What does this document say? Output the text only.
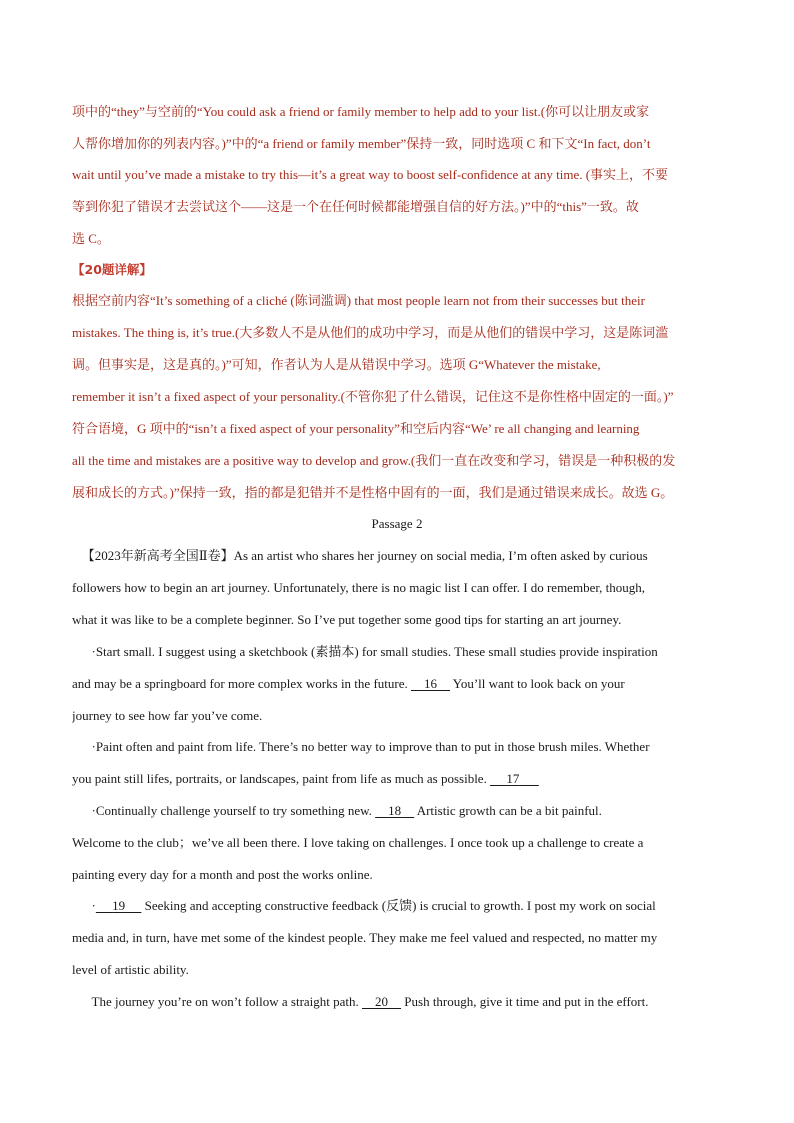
项中的“they”与空前的“You could ask a friend or family member to help add to your list.(你可以让朋友或家
人帮你增加你的列表内容。)”中的“a friend or family member”保持一致，同时选项 C 和下文“In fact, don’t
wait until you’ve made a mistake to try this—it’s a great way to boost self-confidence at any time. (事实上，不要
等到你犯了错误才去尝试这个——这是一个在任何时候都能增强自信的好方法。)”中的“this”一致。故
选 C。
【20题详解】
根据空前内容“It’s something of a cliché (陈词滥调) that most people learn not from their successes but their
mistakes. The thing is, it’s true.(大多数人不是从他们的成功中学习，而是从他们的错误中学习，这是陈词滥
调。但事实是，这是真的。)”可知，作者认为人是从错误中学习。选项 G“Whatever the mistake,
remember it isn’t a fixed aspect of your personality.(不管你犯了什么错误，记住这不是你性格中固定的一面。)”
符合语境，G 项中的“isn’t a fixed aspect of your personality”和空后内容“We’ re all changing and learning
all the time and mistakes are a positive way to develop and grow.(我们一直在改变和学习，错误是一种积极的发
展和成长的方式。)”保持一致，指的都是犯错并不是性格中固有的一面，我们是通过错误来成长。故选 G。
Passage 2
【2023年新高考全国Ⅱ卷】As an artist who shares her journey on social media, I’m often asked by curious
followers how to begin an art journey. Unfortunately, there is no magic list I can offer. I do remember, though,
what it was like to be a complete beginner. So I’ve put together some good tips for starting an art journey.
·Start small. I suggest using a sketchbook (素描本) for small studies. These small studies provide inspiration
and may be a springboard for more complex works in the future.     16     You’ll want to look back on your
journey to see how far you’ve come.
·Paint often and paint from life. There’s no better way to improve than to put in those brush miles. Whether
you paint still lifes, portraits, or landscapes, paint from life as much as possible.      17
·Continually challenge yourself to try something new.     18     Artistic growth can be a bit painful.
Welcome to the club；we’ve all been there. I love taking on challenges. I once took up a challenge to create a
painting every day for a month and post the works online.
· 19      Seeking and accepting constructive feedback (反馈) is crucial to growth. I post my work on social
media and, in turn, have met some of the kindest people. They make me feel valued and respected, no matter my
level of artistic ability.
The journey you’re on won’t follow a straight path.     20     Push through, give it time and put in the effort.
